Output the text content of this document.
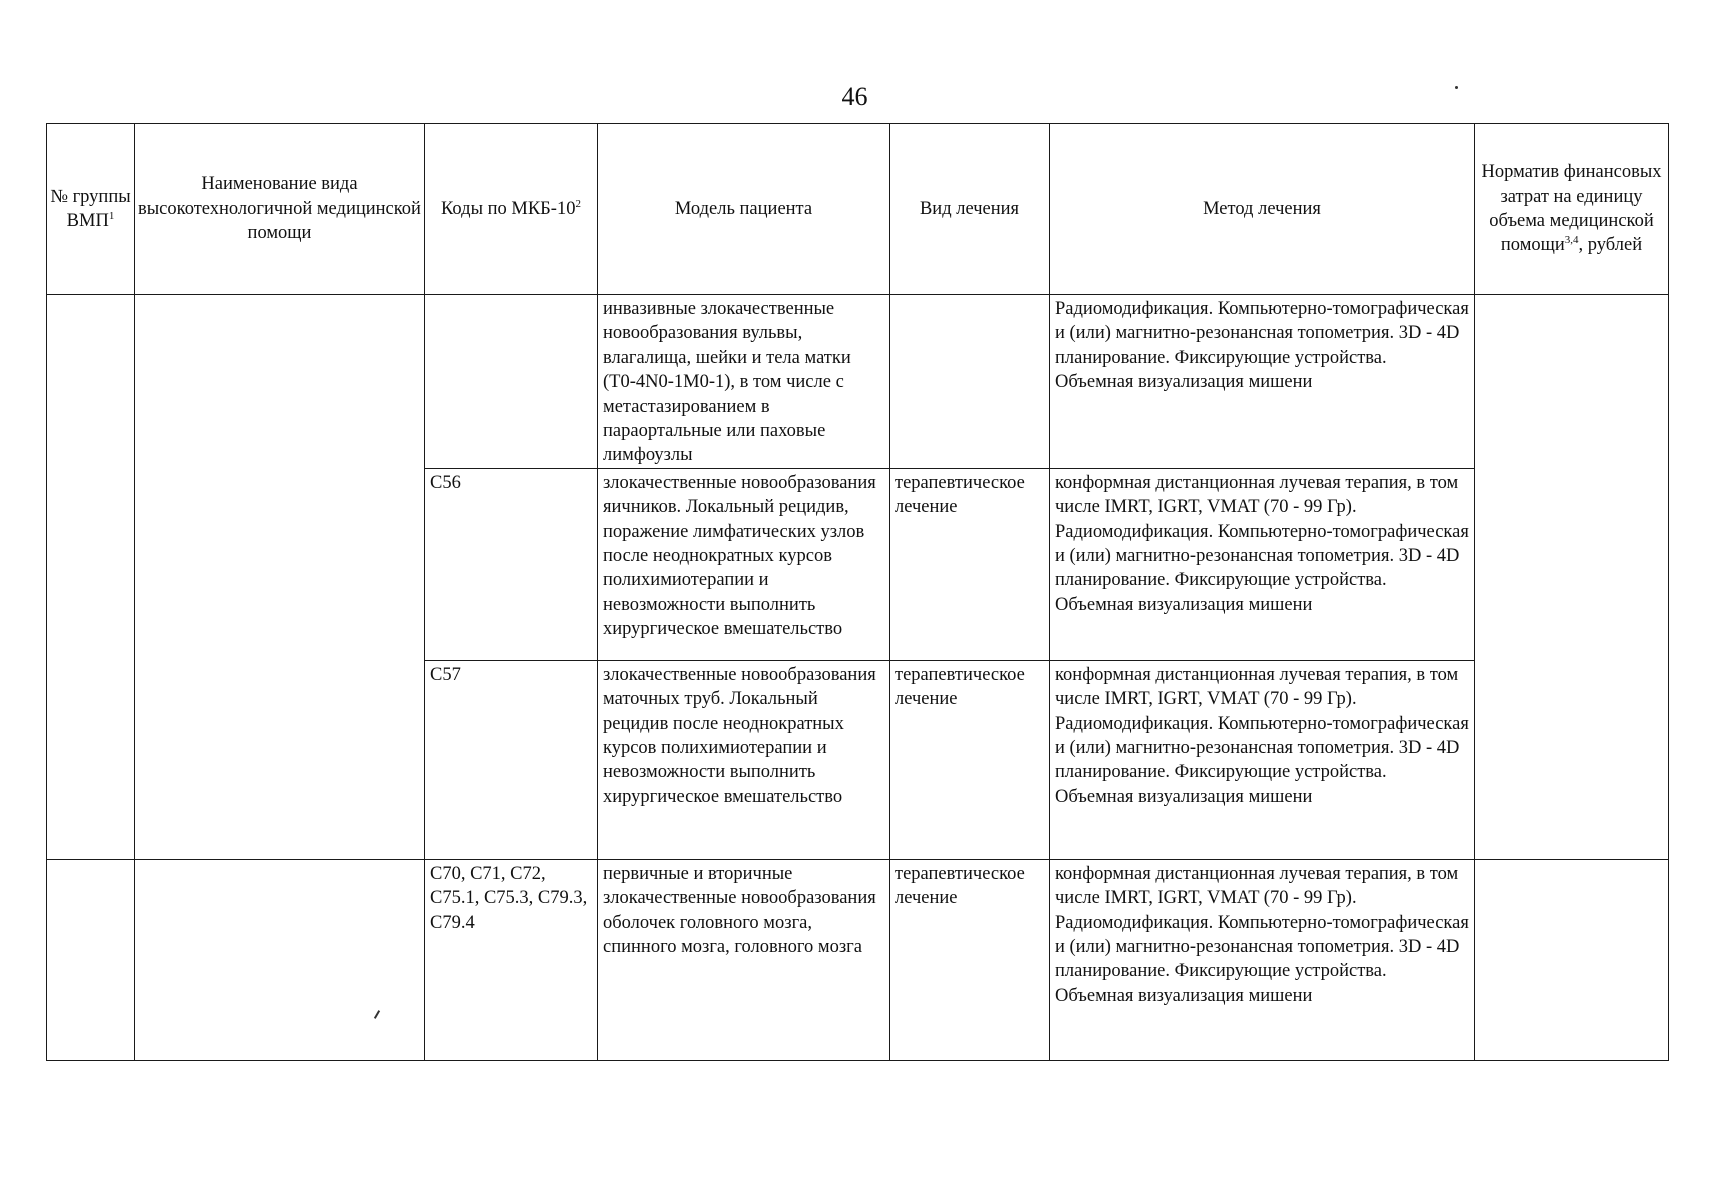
46
№ группы ВМП$^1$	Наименование вида высокотехнологичной медицинской помощи	Коды по МКБ-$10^2$	Модель пациента	Вид лечения	Метод лечения	Норматив финансовых затрат на единицу объема медицинской помощи$^{3,4}$, рублей
			инвазивные злокачественные новообразования вульвы, влагалища, шейки и тела матки (T0-4N0-1M0-1), в том числе с метастазированием в параортальные или паховые лимфоузлы		Радиомодификация. Компьютерно-томографическая и (или) магнитно-резонансная топометрия. 3D - 4D планирование. Фиксирующие устройства. Объемная визуализация мишени	
		C56	злокачественные новообразования яичников. Локальный рецидив, поражение лимфатических узлов после неоднократных курсов полихимиотерапии и невозможности выполнить хирургическое вмешательство	терапевтическое лечение	конформная дистанционная лучевая терапия, в том числе IMRT, IGRT, VMAT (70 - 99 Гр). Радиомодификация. Компьютерно-томографическая и (или) магнитно-резонансная топометрия. 3D - 4D планирование. Фиксирующие устройства. Объемная визуализация мишени	
		C57	злокачественные новообразования маточных труб. Локальный рецидив после неоднократных курсов полихимиотерапии и невозможности выполнить хирургическое вмешательство	терапевтическое лечение	конформная дистанционная лучевая терапия, в том числе IMRT, IGRT, VMAT (70 - 99 Гр). Радиомодификация. Компьютерно-томографическая и (или) магнитно-резонансная топометрия. 3D - 4D планирование. Фиксирующие устройства. Объемная визуализация мишени	
		C70, C71, C72, C75.1, C75.3, C79.3, C79.4	первичные и вторичные злокачественные новообразования оболочек головного мозга, спинного мозга, головного мозга	терапевтическое лечение	конформная дистанционная лучевая терапия, в том числе IMRT, IGRT, VMAT (70 - 99 Гр). Радиомодификация. Компьютерно-томографическая и (или) магнитно-резонансная топометрия. 3D - 4D планирование. Фиксирующие устройства. Объемная визуализация мишени	
